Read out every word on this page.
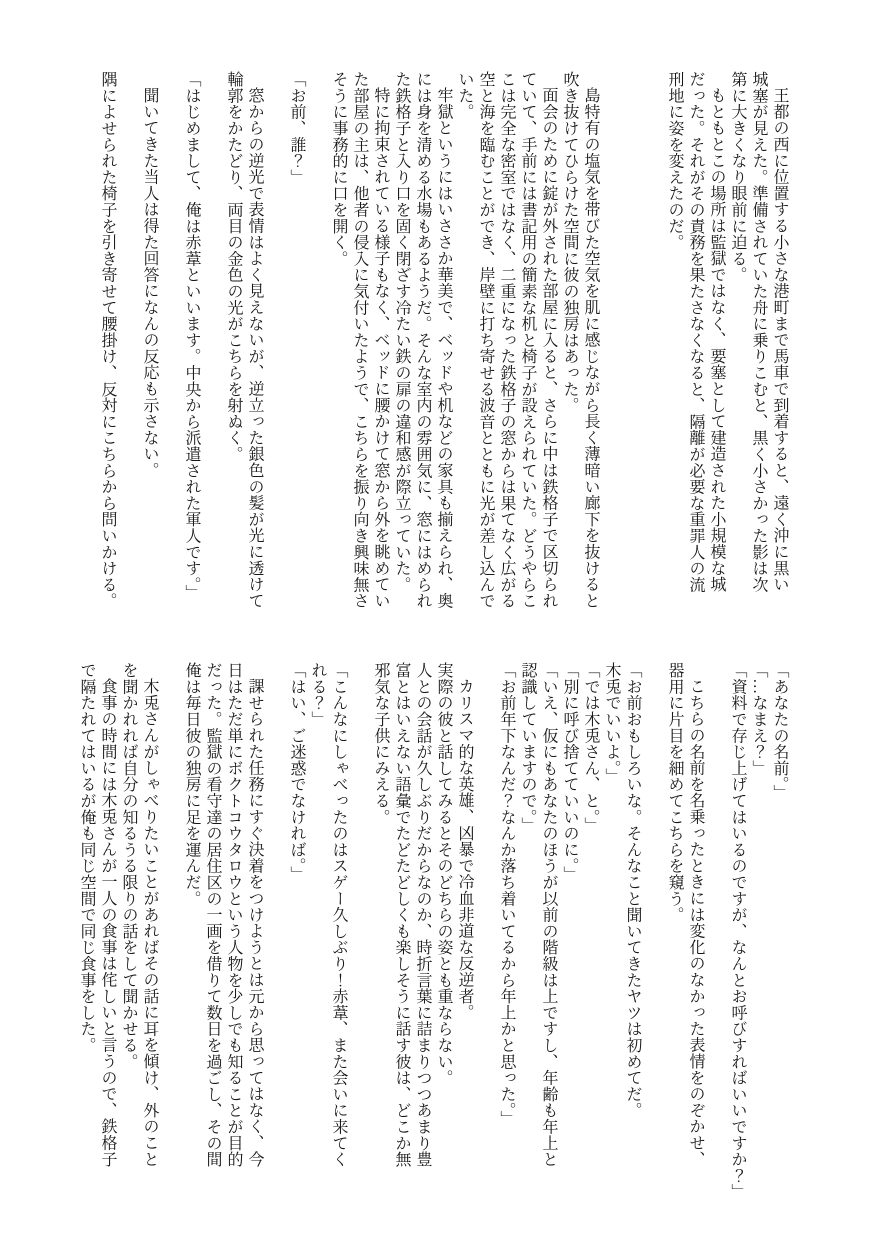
王都の西に位置する小さな港町まで馬車で到着すると、遠く沖に黒い

城塞が見えた。準備されていた舟に乗りこむと、黒く小さかった影は次

第に大きくなり眼前に迫る。

もともとこの場所は監獄ではなく、要塞として建造された小規模な城

だった。それがその責務を果たさなくなると、隔離が必要な重罪人の流

刑地に姿を変えたのだ。

島特有の塩気を帯びた空気を肌に感じながら長く薄暗い廊下を抜けると

吹き抜けてひらけた空間に彼の独房はあった。

面会のために錠が外された部屋に入ると、さらに中は鉄格子で区切られ

ていて、手前には書記用の簡素な机と椅子が設えられていた。どうやらこ

こは完全な密室ではなく、二重になった鉄格子の窓からは果てなく広がる

空と海を臨むことができ、岸壁に打ち寄せる波音とともに光が差し込んで

いた。

牢獄というにはいささか華美で、ベッドや机などの家具も揃えられ、奥

には身を清める水場もあるようだ。そんな室内の雰囲気に、窓にはめられ

た鉄格子と入り口を固く閉ざす冷たい鉄の扉の違和感が際立っていた。

特に拘束されている様子もなく、ベッドに腰かけて窓から外を眺めてい

た部屋の主は、他者の侵入に気付いたようで、こちらを振り向き興味無さ

そうに事務的に口を開く。

「お前、誰？」

窓からの逆光で表情はよく見えないが、逆立った銀色の髪が光に透けて

輪郭をかたどり、両目の金色の光がこちらを射ぬく。

「はじめまして、俺は赤葦といいます。中央から派遣された軍人です。」

聞いてきた当人は得た回答になんの反応も示さない。

隅によせられた椅子を引き寄せて腰掛け、反対にこちらから問いかける。

「あなたの名前。」

「…なまえ？」

「資料で存じ上げてはいるのですが、なんとお呼びすればいいですか？」

こちらの名前を名乗ったときには変化のなかった表情をのぞかせ、

器用に片目を細めてこちらを窺う。

「お前おもしろいな。そんなこと聞いてきたヤツは初めてだ。

木兎でいいよ。」

「では木兎さん、と。」

「別に呼び捨てていいのに。」

「いえ、仮にもあなたのほうが以前の階級は上ですし、年齢も年上と

認識していますので。」

「お前年下なんだ？なんか落ち着いてるから年上かと思った。」

カリスマ的な英雄、凶暴で冷血非道な反逆者。

実際の彼と話してみるとそのどちらの姿とも重ならない。

人との会話が久しぶりだからなのか、時折言葉に詰まりつつあまり豊

富とはいえない語彙でたどたどしくも楽しそうに話す彼は、どこか無

邪気な子供にみえる。

「こんなにしゃべったのはスゲー久しぶり！赤葦、また会いに来てく

れる？」

「はい、ご迷惑でなければ。」

課せられた任務にすぐ決着をつけようとは元から思ってはなく、今

日はただ単にボクトコウタロウという人物を少しでも知ることが目的

だった。監獄の看守達の居住区の一画を借りて数日を過ごし、その間

俺は毎日彼の独房に足を運んだ。

木兎さんがしゃべりたいことがあればその話に耳を傾け、外のこと

を聞かれれば自分の知るうる限りの話をして聞かせる。

食事の時間には木兎さんが一人の食事は侘しいと言うので、鉄格子

で隔たれてはいるが俺も同じ空間で同じ食事をした。
